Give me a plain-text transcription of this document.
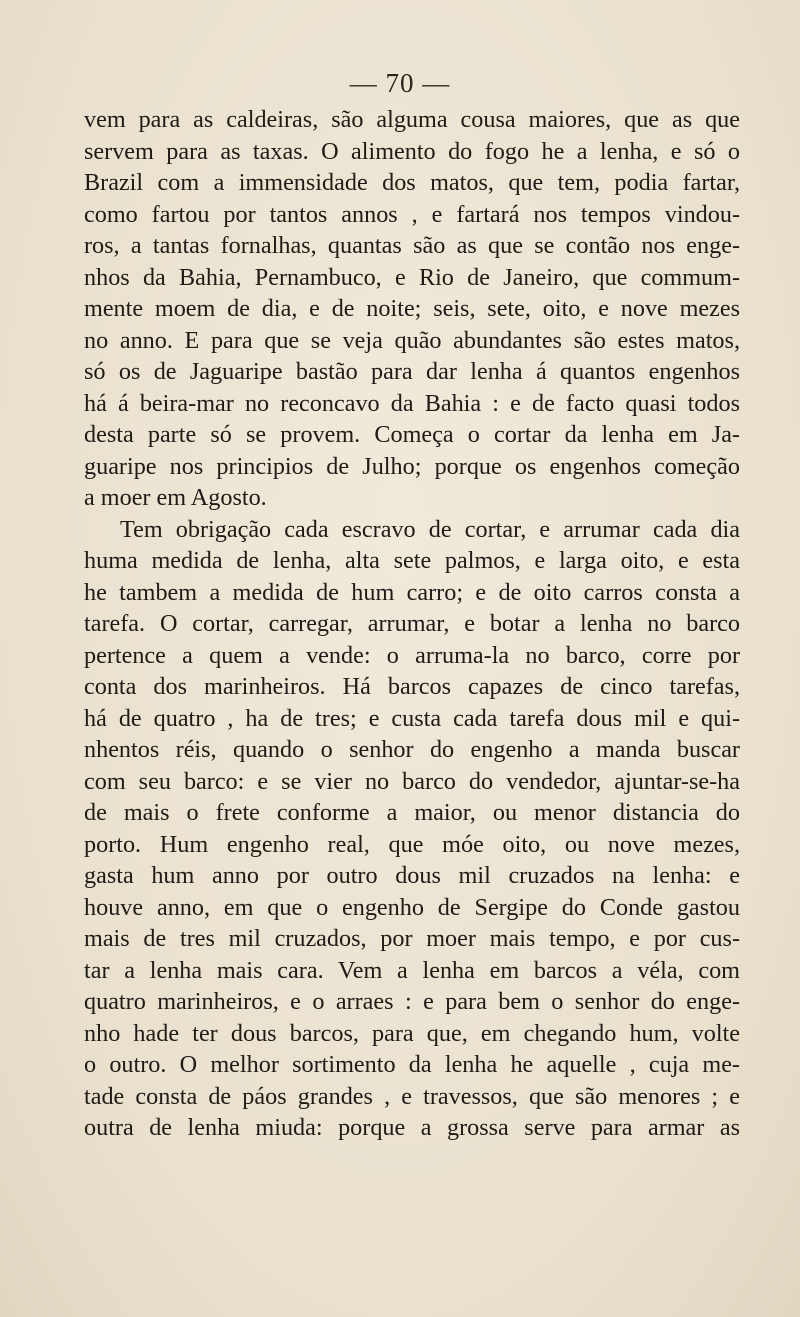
— 70 —
vem para as caldeiras, são alguma cousa maiores, que as que
servem para as taxas. O alimento do fogo he a lenha, e só o
Brazil com a immensidade dos matos, que tem, podia fartar,
como fartou por tantos annos , e fartará nos tempos vindou-
ros, a tantas fornalhas, quantas são as que se contão nos enge-
nhos da Bahia, Pernambuco, e Rio de Janeiro, que commum-
mente moem de dia, e de noite; seis, sete, oito, e nove mezes
no anno. E para que se veja quão abundantes são estes matos,
só os de Jaguaripe bastão para dar lenha á quantos engenhos
há á beira-mar no reconcavo da Bahia : e de facto quasi todos
desta parte só se provem. Começa o cortar da lenha em Ja-
guaripe nos principios de Julho; porque os engenhos começão
a moer em Agosto.
Tem obrigação cada escravo de cortar, e arrumar cada dia
huma medida de lenha, alta sete palmos, e larga oito, e esta
he tambem a medida de hum carro; e de oito carros consta a
tarefa. O cortar, carregar, arrumar, e botar a lenha no barco
pertence a quem a vende: o arruma-la no barco, corre por
conta dos marinheiros. Há barcos capazes de cinco tarefas,
há de quatro , ha de tres; e custa cada tarefa dous mil e qui-
nhentos réis, quando o senhor do engenho a manda buscar
com seu barco: e se vier no barco do vendedor, ajuntar-se-ha
de mais o frete conforme a maior, ou menor distancia do
porto. Hum engenho real, que móe oito, ou nove mezes,
gasta hum anno por outro dous mil cruzados na lenha: e
houve anno, em que o engenho de Sergipe do Conde gastou
mais de tres mil cruzados, por moer mais tempo, e por cus-
tar a lenha mais cara. Vem a lenha em barcos a véla, com
quatro marinheiros, e o arraes : e para bem o senhor do enge-
nho hade ter dous barcos, para que, em chegando hum, volte
o outro. O melhor sortimento da lenha he aquelle , cuja me-
tade consta de páos grandes , e travessos, que são menores ; e
outra de lenha miuda: porque a grossa serve para armar as
